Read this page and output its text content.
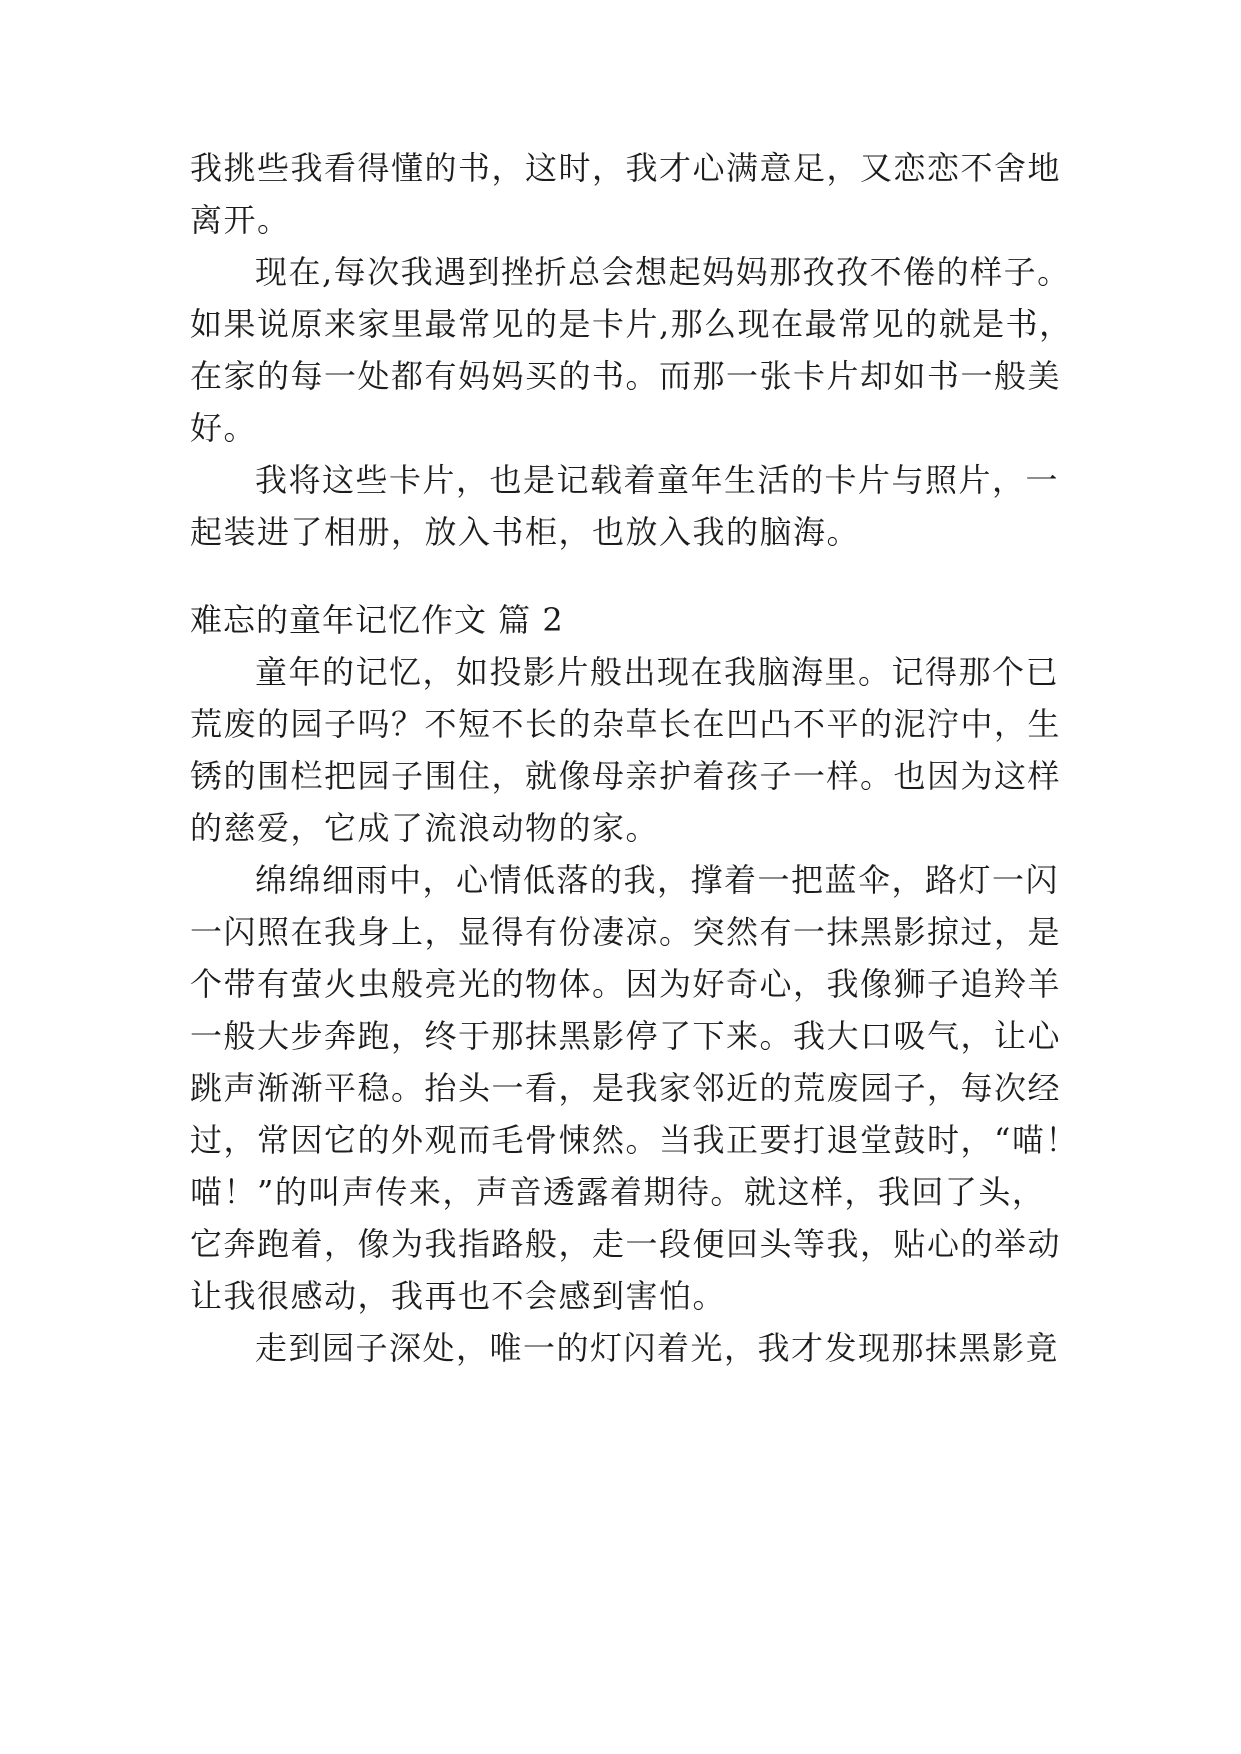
我挑些我看得懂的书，这时，我才心满意足，又恋恋不舍地
离开。
现在,每次我遇到挫折总会想起妈妈那孜孜不倦的样子。
如果说原来家里最常见的是卡片,那么现在最常见的就是书，
在家的每一处都有妈妈买的书。而那一张卡片却如书一般美
好。
我将这些卡片，也是记载着童年生活的卡片与照片，一
起装进了相册，放入书柜，也放入我的脑海。
难忘的童年记忆作文 篇 2
童年的记忆，如投影片般出现在我脑海里。记得那个已
荒废的园子吗？不短不长的杂草长在凹凸不平的泥泞中，生
锈的围栏把园子围住，就像母亲护着孩子一样。也因为这样
的慈爱，它成了流浪动物的家。
绵绵细雨中，心情低落的我，撑着一把蓝伞，路灯一闪
一闪照在我身上，显得有份凄凉。突然有一抹黑影掠过，是
个带有萤火虫般亮光的物体。因为好奇心，我像狮子追羚羊
一般大步奔跑，终于那抹黑影停了下来。我大口吸气，让心
跳声渐渐平稳。抬头一看，是我家邻近的荒废园子，每次经
过，常因它的外观而毛骨悚然。当我正要打退堂鼓时，“喵！
喵！”的叫声传来，声音透露着期待。就这样，我回了头，
它奔跑着，像为我指路般，走一段便回头等我，贴心的举动
让我很感动，我再也不会感到害怕。
走到园子深处，唯一的灯闪着光，我才发现那抹黑影竟
